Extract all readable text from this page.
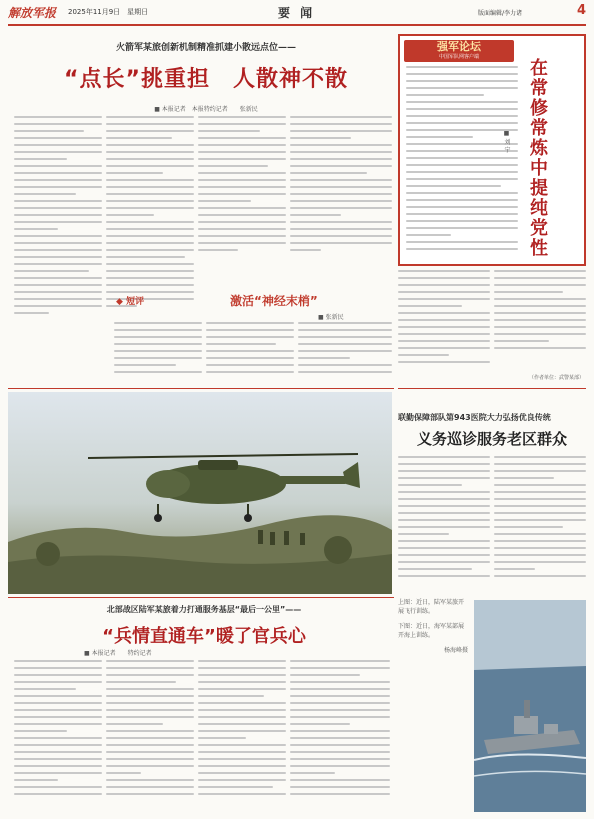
解放军报 2025年11月9日　星期日	要 闻	版面编辑/李力诸	4
火箭军某旅创新机制精准抓建小散远点位——
“点长”挑重担　人散神不散
■ 本报记者　本报特约记者　　张新民
◆ 短评	激活“神经末梢”
■ 张新民
强军论坛
中国军队网客户端
在常修常炼中提纯党性
■ 刘 宁
（作者单位：武警某部）
联勤保障部队第943医院大力弘扬优良传统
义务巡诊服务老区群众
上图：近日，陆军某旅开展飞行训练。
下图：近日，海军某部展开海上训练。
杨海峰摄
北部战区陆军某旅着力打通服务基层“最后一公里”——
“兵情直通车”暖了官兵心
■ 本报记者　　特约记者
